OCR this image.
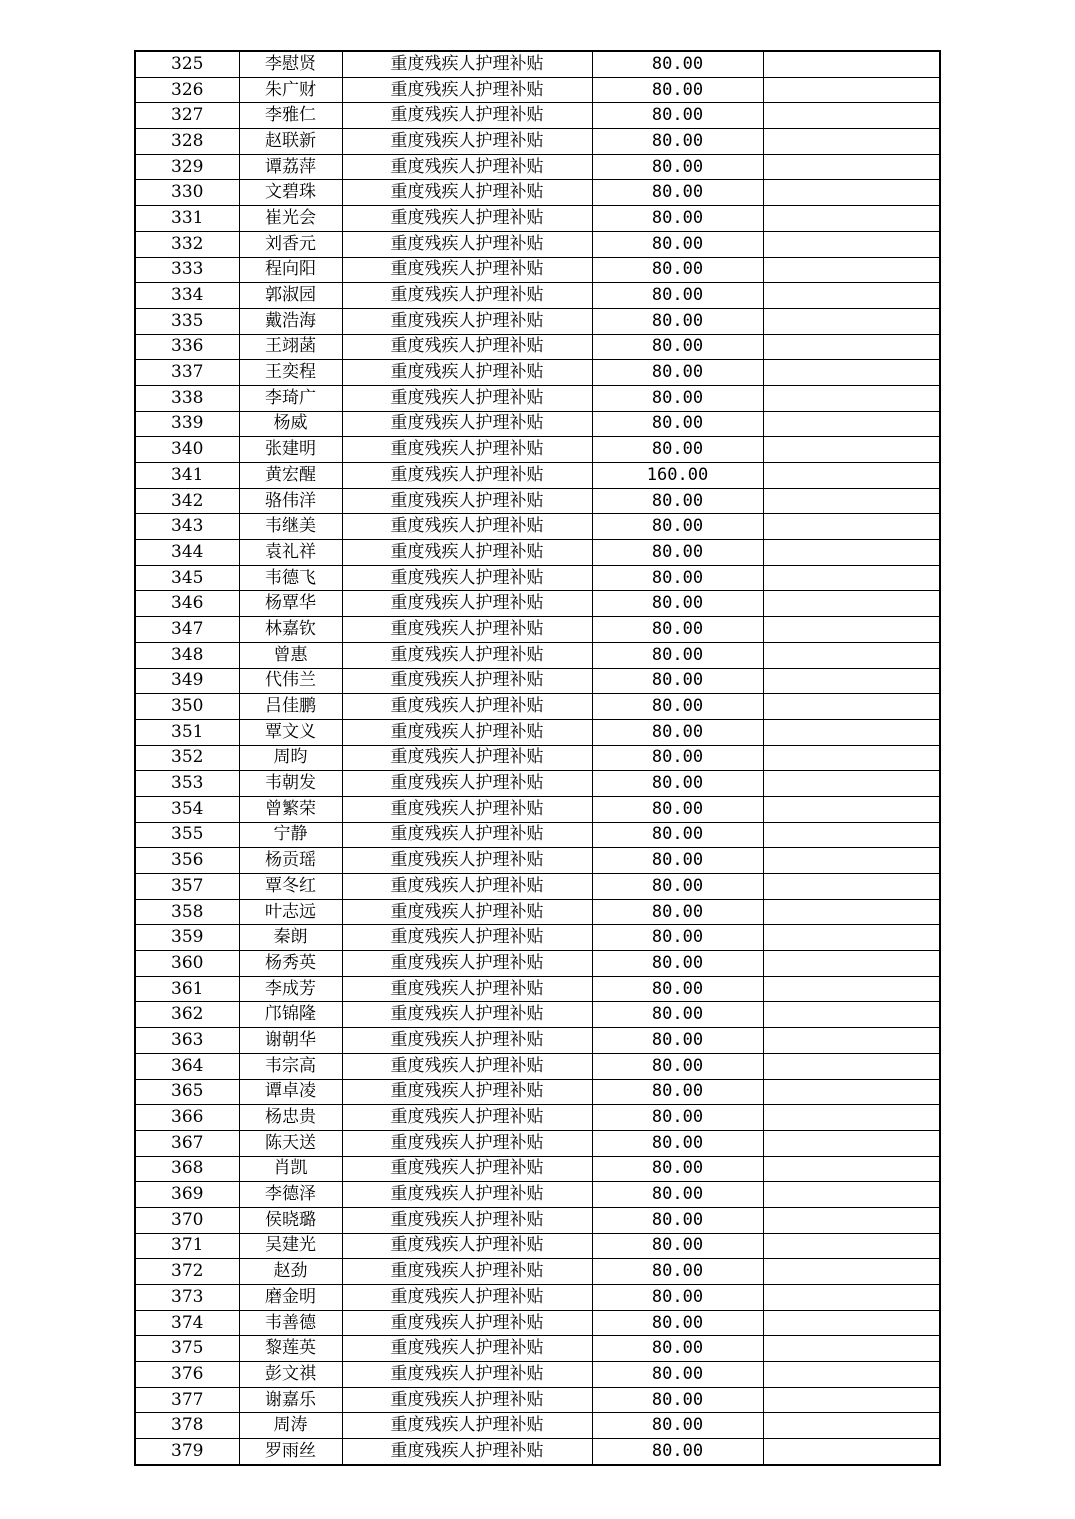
325	李慰贤	重度残疾人护理补贴	80.00	
326	朱广财	重度残疾人护理补贴	80.00	
327	李雅仁	重度残疾人护理补贴	80.00	
328	赵联新	重度残疾人护理补贴	80.00	
329	谭荔萍	重度残疾人护理补贴	80.00	
330	文碧珠	重度残疾人护理补贴	80.00	
331	崔光会	重度残疾人护理补贴	80.00	
332	刘香元	重度残疾人护理补贴	80.00	
333	程向阳	重度残疾人护理补贴	80.00	
334	郭淑园	重度残疾人护理补贴	80.00	
335	戴浩海	重度残疾人护理补贴	80.00	
336	王翊菡	重度残疾人护理补贴	80.00	
337	王奕程	重度残疾人护理补贴	80.00	
338	李琦广	重度残疾人护理补贴	80.00	
339	杨威	重度残疾人护理补贴	80.00	
340	张建明	重度残疾人护理补贴	80.00	
341	黄宏醒	重度残疾人护理补贴	160.00	
342	骆伟洋	重度残疾人护理补贴	80.00	
343	韦继美	重度残疾人护理补贴	80.00	
344	袁礼祥	重度残疾人护理补贴	80.00	
345	韦德飞	重度残疾人护理补贴	80.00	
346	杨覃华	重度残疾人护理补贴	80.00	
347	林嘉钦	重度残疾人护理补贴	80.00	
348	曾惠	重度残疾人护理补贴	80.00	
349	代伟兰	重度残疾人护理补贴	80.00	
350	吕佳鹏	重度残疾人护理补贴	80.00	
351	覃文义	重度残疾人护理补贴	80.00	
352	周昀	重度残疾人护理补贴	80.00	
353	韦朝发	重度残疾人护理补贴	80.00	
354	曾繁荣	重度残疾人护理补贴	80.00	
355	宁静	重度残疾人护理补贴	80.00	
356	杨贡瑶	重度残疾人护理补贴	80.00	
357	覃冬红	重度残疾人护理补贴	80.00	
358	叶志远	重度残疾人护理补贴	80.00	
359	秦朗	重度残疾人护理补贴	80.00	
360	杨秀英	重度残疾人护理补贴	80.00	
361	李成芳	重度残疾人护理补贴	80.00	
362	邝锦隆	重度残疾人护理补贴	80.00	
363	谢朝华	重度残疾人护理补贴	80.00	
364	韦宗高	重度残疾人护理补贴	80.00	
365	谭卓凌	重度残疾人护理补贴	80.00	
366	杨忠贵	重度残疾人护理补贴	80.00	
367	陈天送	重度残疾人护理补贴	80.00	
368	肖凯	重度残疾人护理补贴	80.00	
369	李德泽	重度残疾人护理补贴	80.00	
370	侯晓璐	重度残疾人护理补贴	80.00	
371	吴建光	重度残疾人护理补贴	80.00	
372	赵劲	重度残疾人护理补贴	80.00	
373	磨金明	重度残疾人护理补贴	80.00	
374	韦善德	重度残疾人护理补贴	80.00	
375	黎莲英	重度残疾人护理补贴	80.00	
376	彭文祺	重度残疾人护理补贴	80.00	
377	谢嘉乐	重度残疾人护理补贴	80.00	
378	周涛	重度残疾人护理补贴	80.00	
379	罗雨丝	重度残疾人护理补贴	80.00	
